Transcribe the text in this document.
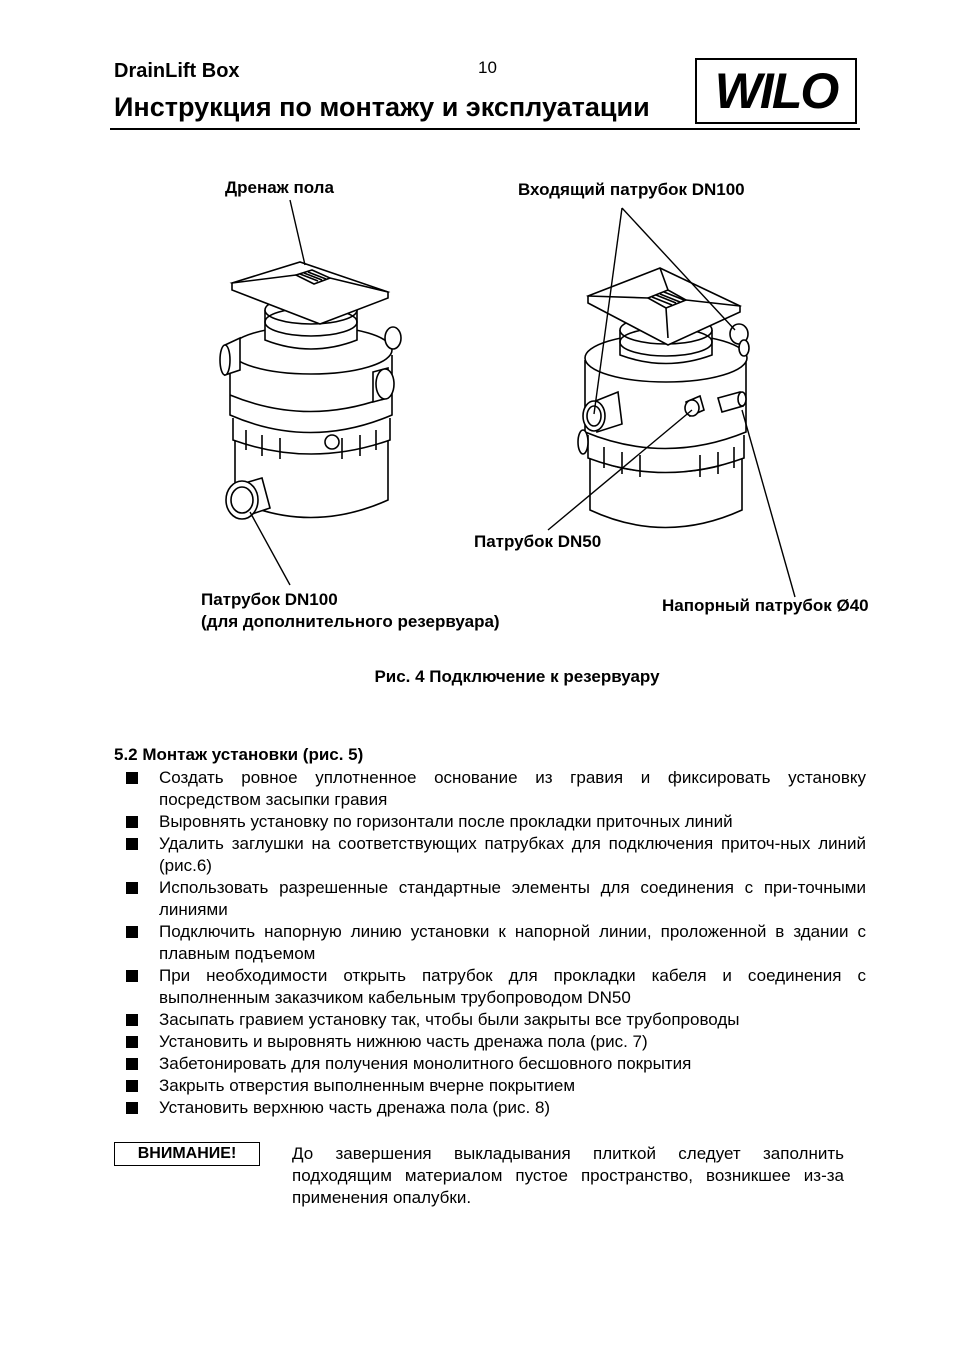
DrainLift Box	10
Инструкция по монтажу и эксплуатации WILO
Дренаж пола	Входящий патрубок DN100
Патрубок DN50
Патрубок DN100
(для дополнительного резервуара)
Напорный патрубок Ø40
Рис. 4 Подключение к резервуару
5.2 Монтаж установки (рис. 5)
Создать ровное уплотненное основание из гравия и фиксировать установку посредством засыпки гравия
Выровнять установку по горизонтали после прокладки приточных линий
Удалить заглушки на соответствующих патрубках для подключения приточ-ных линий (рис.6)
Использовать разрешенные стандартные элементы для соединения с при-точными линиями
Подключить напорную линию установки к напорной линии, проложенной в здании с плавным подъемом
При необходимости открыть патрубок для прокладки кабеля и соединения с выполненным заказчиком кабельным трубопроводом DN50
Засыпать гравием установку так, чтобы были закрыты все трубопроводы
Установить и выровнять нижнюю часть дренажа пола (рис. 7)
Забетонировать для получения монолитного бесшовного покрытия
Закрыть отверстия выполненным вчерне покрытием
Установить верхнюю часть дренажа пола (рис. 8)
ВНИМАНИЕ!	До завершения выкладывания плиткой следует заполнить подходящим материалом пустое пространство, возникшее из-за применения опалубки.
